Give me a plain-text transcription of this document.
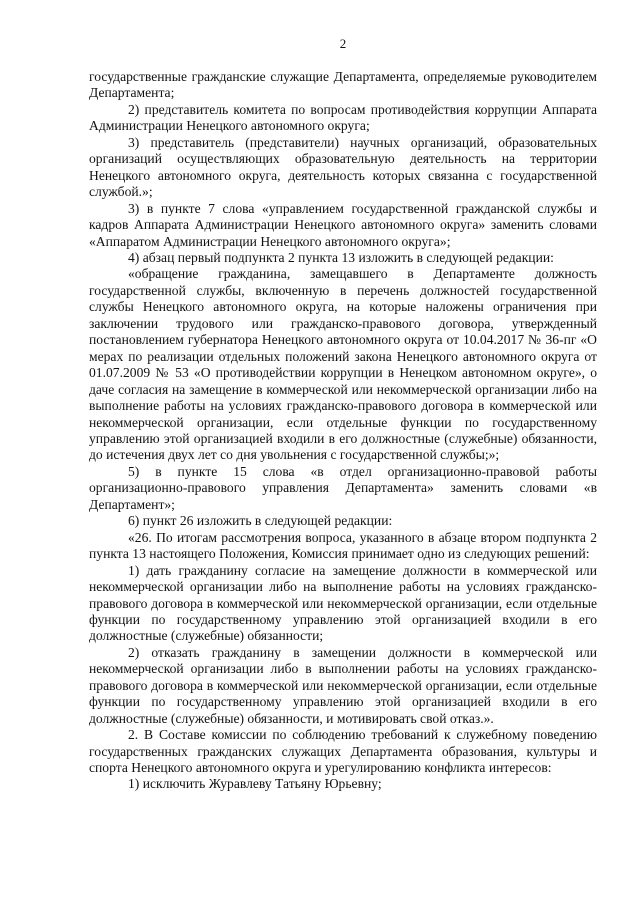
2

государственные гражданские служащие Департамента, определяемые руководителем Департамента;

2) представитель комитета по вопросам противодействия коррупции Аппарата Администрации Ненецкого автономного округа;

3) представитель (представители) научных организаций, образовательных организаций осуществляющих образовательную деятельность на территории Ненецкого автономного округа, деятельность которых связанна с государственной службой.»;

3) в пункте 7 слова «управлением государственной гражданской службы и кадров Аппарата Администрации Ненецкого автономного округа» заменить словами «Аппаратом Администрации Ненецкого автономного округа»;

4) абзац первый подпункта 2 пункта 13 изложить в следующей редакции:

«обращение гражданина, замещавшего в Департаменте должность государственной службы, включенную в перечень должностей государственной службы Ненецкого автономного округа, на которые наложены ограничения при заключении трудового или гражданско-правового договора, утвержденный постановлением губернатора Ненецкого автономного округа от 10.04.2017 № 36-пг «О мерах по реализации отдельных положений закона Ненецкого автономного округа от 01.07.2009 № 53 «О противодействии коррупции в Ненецком автономном округе», о даче согласия на замещение в коммерческой или некоммерческой организации либо на выполнение работы на условиях гражданско-правового договора в коммерческой или некоммерческой организации, если отдельные функции по государственному управлению этой организацией входили в его должностные (служебные) обязанности, до истечения двух лет со дня увольнения с государственной службы;»;

5) в пункте 15 слова «в отдел организационно-правовой работы организационно-правового управления Департамента» заменить словами «в Департамент»;

6) пункт 26 изложить в следующей редакции:

«26. По итогам рассмотрения вопроса, указанного в абзаце втором подпункта 2 пункта 13 настоящего Положения, Комиссия принимает одно из следующих решений:

1) дать гражданину согласие на замещение должности в коммерческой или некоммерческой организации либо на выполнение работы на условиях гражданско-правового договора в коммерческой или некоммерческой организации, если отдельные функции по государственному управлению этой организацией входили в его должностные (служебные) обязанности;

2) отказать гражданину в замещении должности в коммерческой или некоммерческой организации либо в выполнении работы на условиях гражданско-правового договора в коммерческой или некоммерческой организации, если отдельные функции по государственному управлению этой организацией входили в его должностные (служебные) обязанности, и мотивировать свой отказ.».

2. В Составе комиссии по соблюдению требований к служебному поведению государственных гражданских служащих Департамента образования, культуры и спорта Ненецкого автономного округа и урегулированию конфликта интересов:

1) исключить Журавлеву Татьяну Юрьевну;
